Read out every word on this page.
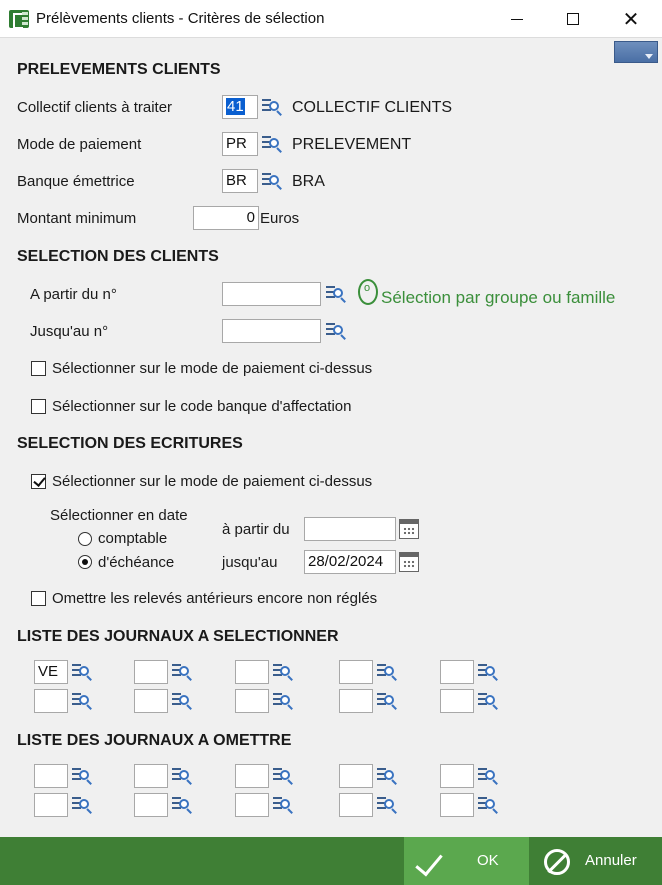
Prélèvements clients - Critères de sélection	✕
PRELEVEMENTS CLIENTS
Collectif clients à traiter	41	COLLECTIF CLIENTS
Mode de paiement	PR	PRELEVEMENT
Banque émettrice	BR	BRA
Montant minimum	0 Euros
SELECTION DES CLIENTS
A partir du n°
o	Sélection par groupe ou famille
Jusqu'au n°
Sélectionner sur le mode de paiement ci-dessus
Sélectionner sur le code banque d'affectation
SELECTION DES ECRITURES
Sélectionner sur le mode de paiement ci-dessus
Sélectionner en date
comptable
d'échéance
à partir du
jusqu'au 28/02/2024
Omettre les relevés antérieurs encore non réglés
LISTE DES JOURNAUX A SELECTIONNER
VE
LISTE DES JOURNAUX A OMETTRE
OK	Annuler
